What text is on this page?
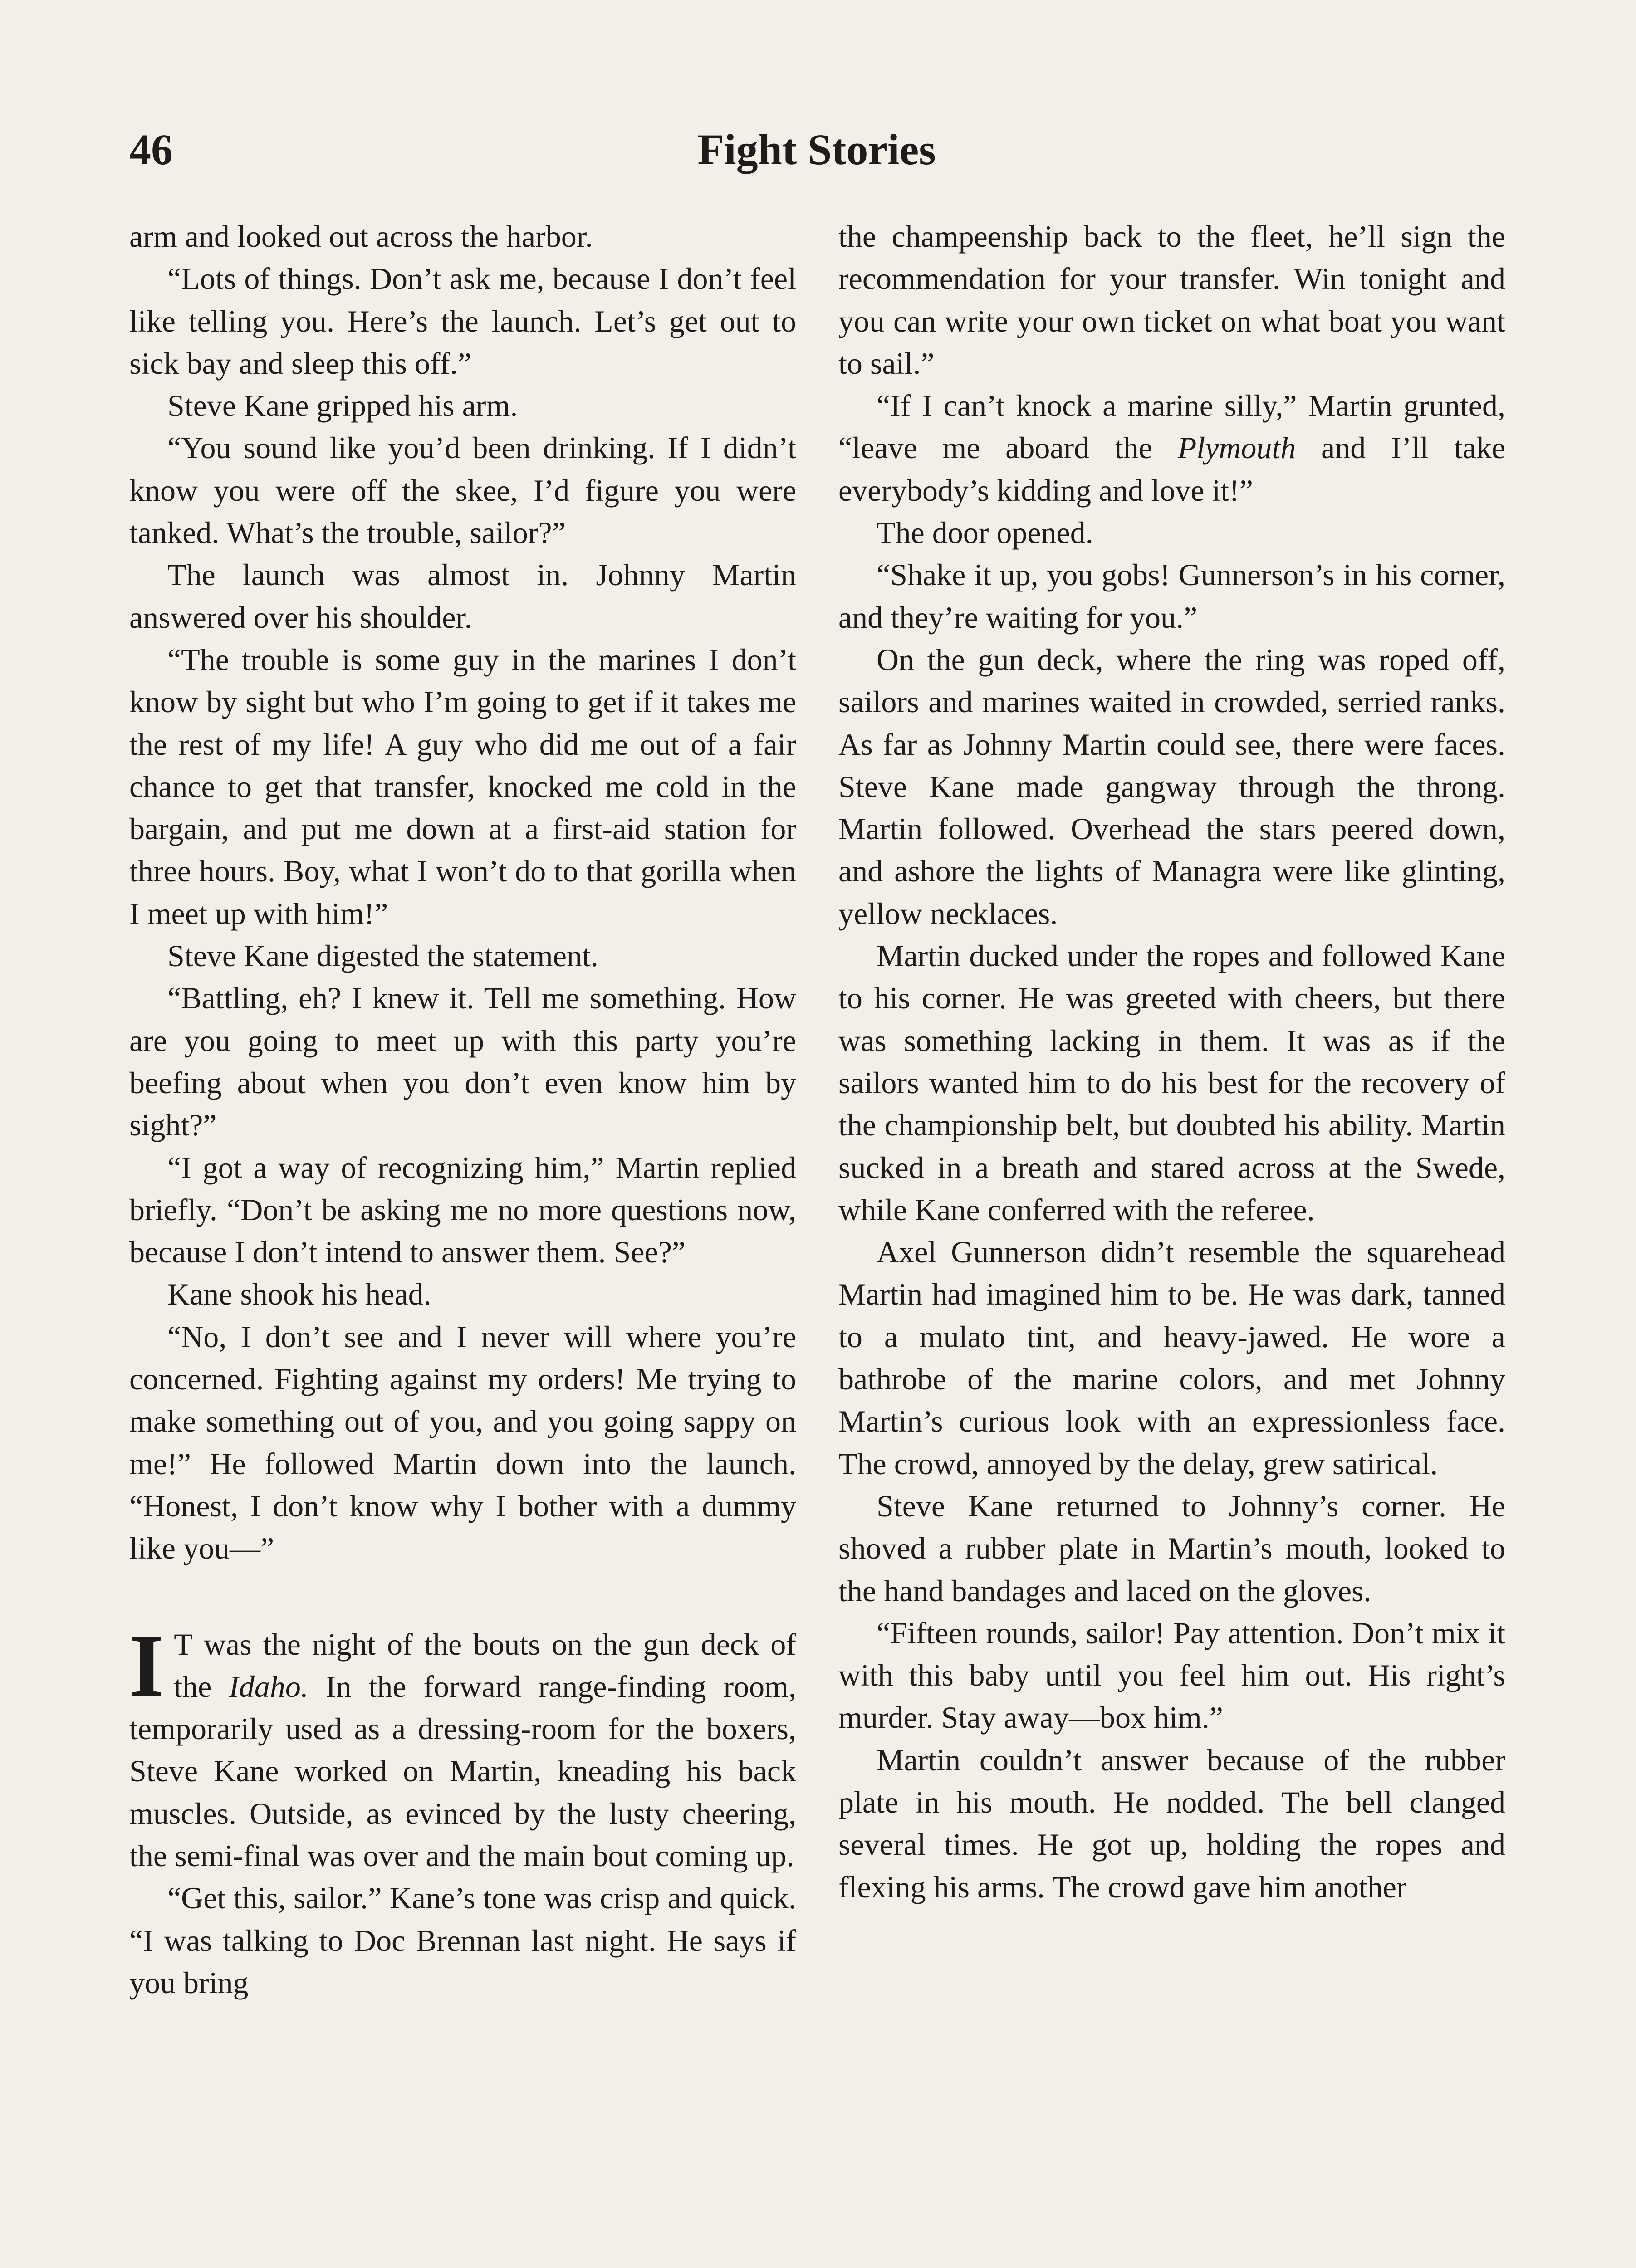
46	Fight Stories

arm and looked out across the harbor.

“Lots of things. Don’t ask me, because I don’t feel like telling you. Here’s the launch. Let’s get out to sick bay and sleep this off.”

Steve Kane gripped his arm.

“You sound like you’d been drinking. If I didn’t know you were off the skee, I’d figure you were tanked. What’s the trouble, sailor?”

The launch was almost in. Johnny Martin answered over his shoulder.

“The trouble is some guy in the marines I don’t know by sight but who I’m going to get if it takes me the rest of my life! A guy who did me out of a fair chance to get that transfer, knocked me cold in the bargain, and put me down at a first-aid station for three hours. Boy, what I won’t do to that gorilla when I meet up with him!”

Steve Kane digested the statement.

“Battling, eh? I knew it. Tell me something. How are you going to meet up with this party you’re beefing about when you don’t even know him by sight?”

“I got a way of recognizing him,” Martin replied briefly. “Don’t be asking me no more questions now, because I don’t intend to answer them. See?”

Kane shook his head.

“No, I don’t see and I never will where you’re concerned. Fighting against my orders! Me trying to make something out of you, and you going sappy on me!” He followed Martin down into the launch. “Honest, I don’t know why I bother with a dummy like you—”

I T was the night of the bouts on the gun deck of the Idaho. In the forward range-finding room, temporarily used as a dressing-room for the boxers, Steve Kane worked on Martin, kneading his back muscles. Outside, as evinced by the lusty cheering, the semi-final was over and the main bout coming up.

“Get this, sailor.” Kane’s tone was crisp and quick. “I was talking to Doc Brennan last night. He says if you bring

the champeenship back to the fleet, he’ll sign the recommendation for your transfer. Win tonight and you can write your own ticket on what boat you want to sail.”

“If I can’t knock a marine silly,” Martin grunted, “leave me aboard the Plymouth and I’ll take everybody’s kidding and love it!”

The door opened.

“Shake it up, you gobs! Gunnerson’s in his corner, and they’re waiting for you.”

On the gun deck, where the ring was roped off, sailors and marines waited in crowded, serried ranks. As far as Johnny Martin could see, there were faces. Steve Kane made gangway through the throng. Martin followed. Overhead the stars peered down, and ashore the lights of Managra were like glinting, yellow necklaces.

Martin ducked under the ropes and followed Kane to his corner. He was greeted with cheers, but there was something lacking in them. It was as if the sailors wanted him to do his best for the recovery of the championship belt, but doubted his ability. Martin sucked in a breath and stared across at the Swede, while Kane conferred with the referee.

Axel Gunnerson didn’t resemble the squarehead Martin had imagined him to be. He was dark, tanned to a mulato tint, and heavy-jawed. He wore a bathrobe of the marine colors, and met Johnny Martin’s curious look with an expressionless face. The crowd, annoyed by the delay, grew satirical.

Steve Kane returned to Johnny’s corner. He shoved a rubber plate in Martin’s mouth, looked to the hand bandages and laced on the gloves.

“Fifteen rounds, sailor! Pay attention. Don’t mix it with this baby until you feel him out. His right’s murder. Stay away—box him.”

Martin couldn’t answer because of the rubber plate in his mouth. He nodded. The bell clanged several times. He got up, holding the ropes and flexing his arms. The crowd gave him another
